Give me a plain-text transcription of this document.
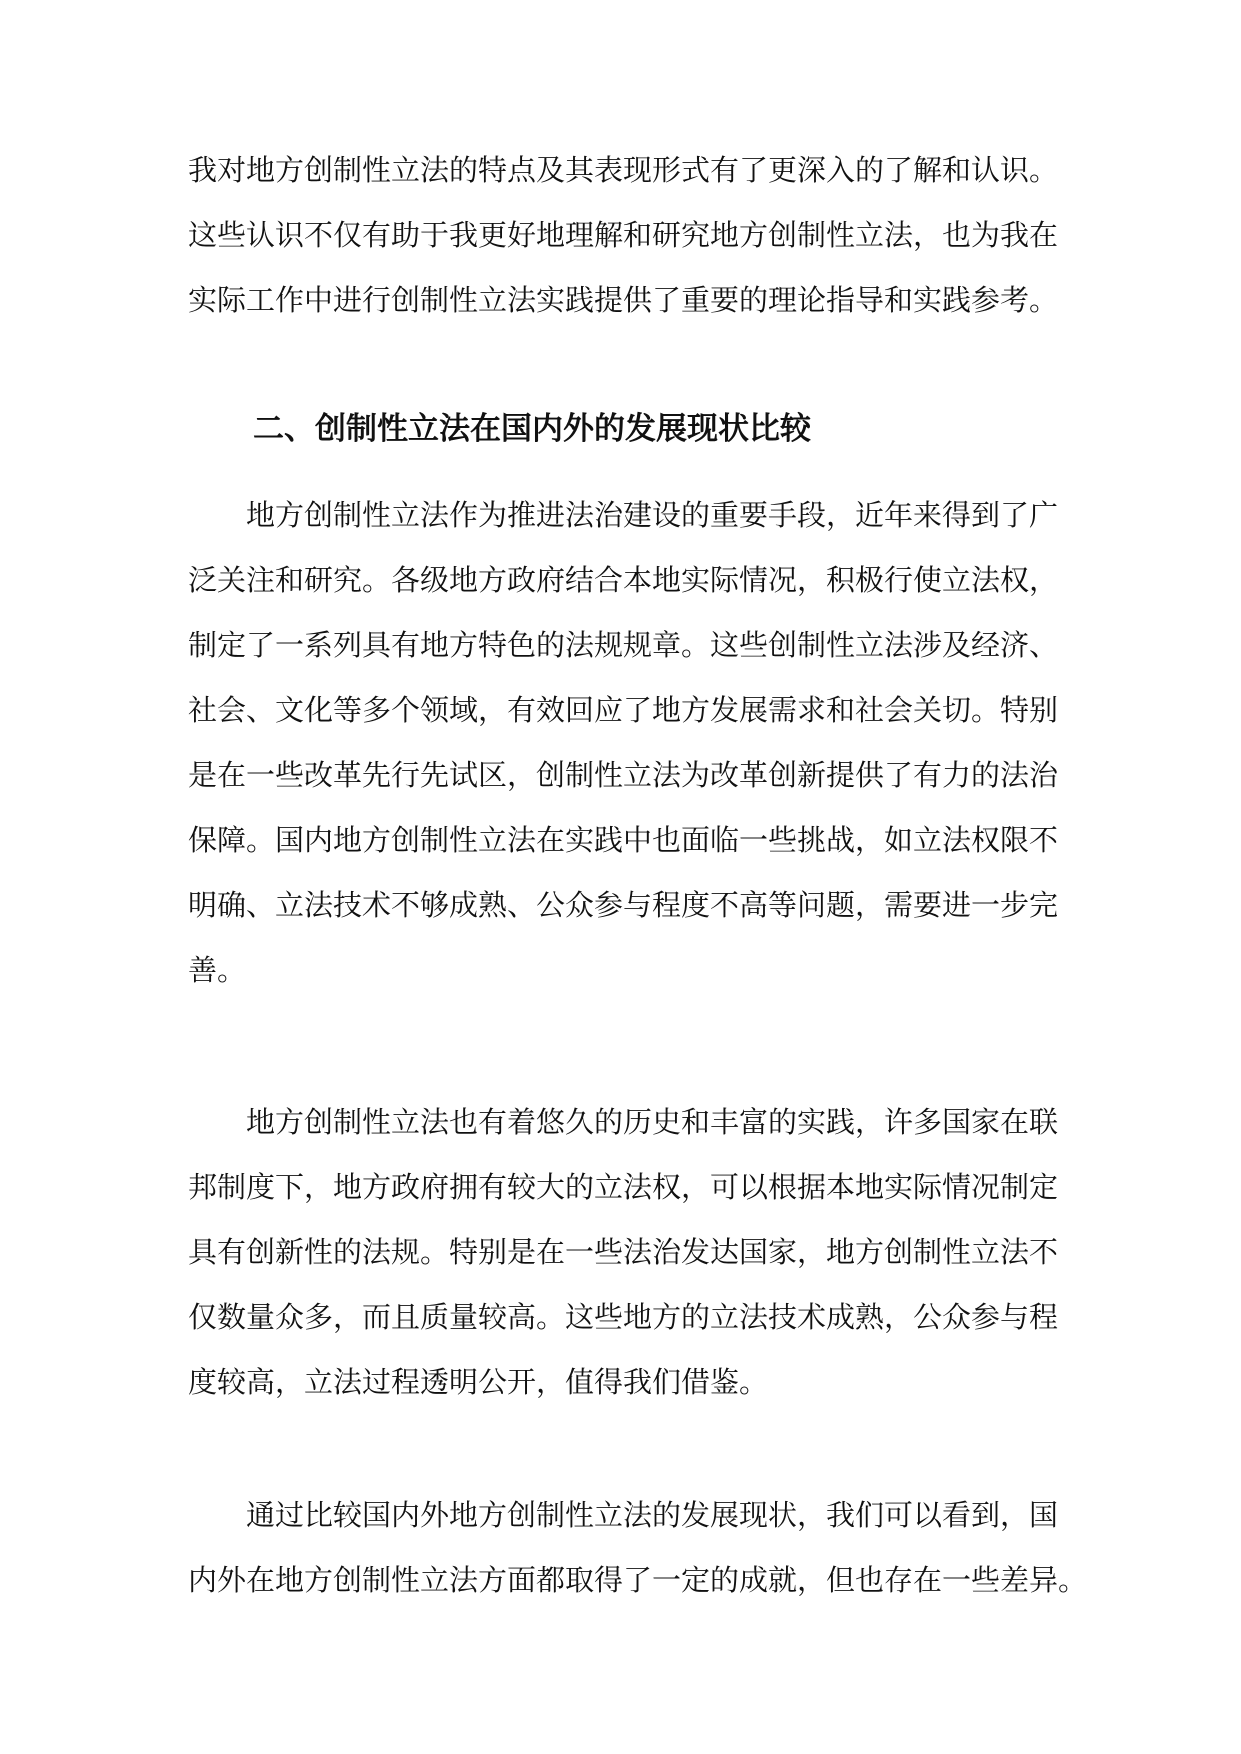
我对地方创制性立法的特点及其表现形式有了更深入的了解和认识。
这些认识不仅有助于我更好地理解和研究地方创制性立法，也为我在
实际工作中进行创制性立法实践提供了重要的理论指导和实践参考。
二、创制性立法在国内外的发展现状比较
地方创制性立法作为推进法治建设的重要手段，近年来得到了广
泛关注和研究。各级地方政府结合本地实际情况，积极行使立法权，
制定了一系列具有地方特色的法规规章。这些创制性立法涉及经济、
社会、文化等多个领域，有效回应了地方发展需求和社会关切。特别
是在一些改革先行先试区，创制性立法为改革创新提供了有力的法治
保障。国内地方创制性立法在实践中也面临一些挑战，如立法权限不
明确、立法技术不够成熟、公众参与程度不高等问题，需要进一步完
善。
地方创制性立法也有着悠久的历史和丰富的实践，许多国家在联
邦制度下，地方政府拥有较大的立法权，可以根据本地实际情况制定
具有创新性的法规。特别是在一些法治发达国家，地方创制性立法不
仅数量众多，而且质量较高。这些地方的立法技术成熟，公众参与程
度较高，立法过程透明公开，值得我们借鉴。
通过比较国内外地方创制性立法的发展现状，我们可以看到，国
内外在地方创制性立法方面都取得了一定的成就，但也存在一些差异。
